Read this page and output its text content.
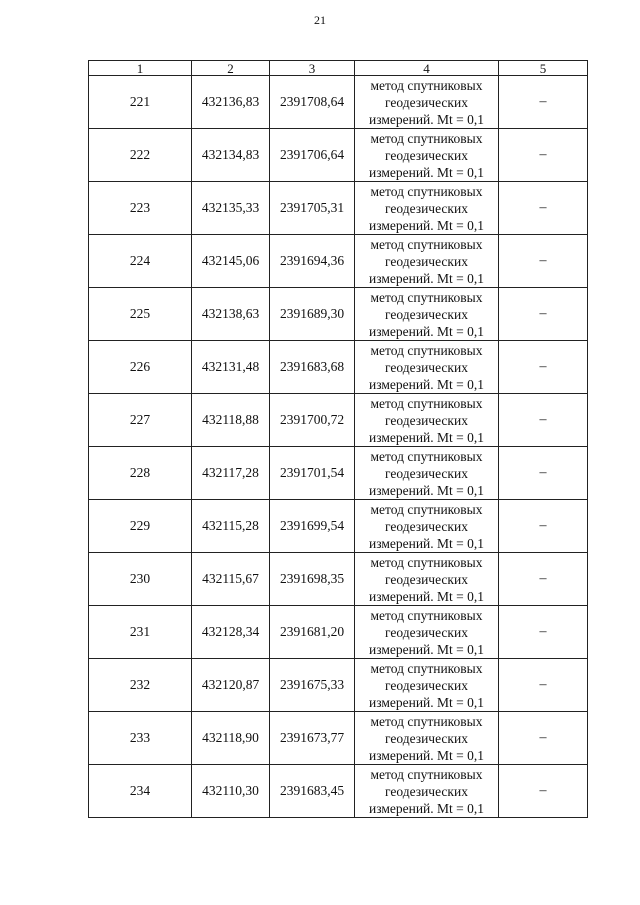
21
1	2	3	4	5
221	432136,83	2391708,64	метод спутниковых
геодезических
измерений. Mt = 0,1	–
222	432134,83	2391706,64	метод спутниковых
геодезических
измерений. Mt = 0,1	–
223	432135,33	2391705,31	метод спутниковых
геодезических
измерений. Mt = 0,1	–
224	432145,06	2391694,36	метод спутниковых
геодезических
измерений. Mt = 0,1	–
225	432138,63	2391689,30	метод спутниковых
геодезических
измерений. Mt = 0,1	–
226	432131,48	2391683,68	метод спутниковых
геодезических
измерений. Mt = 0,1	–
227	432118,88	2391700,72	метод спутниковых
геодезических
измерений. Mt = 0,1	–
228	432117,28	2391701,54	метод спутниковых
геодезических
измерений. Mt = 0,1	–
229	432115,28	2391699,54	метод спутниковых
геодезических
измерений. Mt = 0,1	–
230	432115,67	2391698,35	метод спутниковых
геодезических
измерений. Mt = 0,1	–
231	432128,34	2391681,20	метод спутниковых
геодезических
измерений. Mt = 0,1	–
232	432120,87	2391675,33	метод спутниковых
геодезических
измерений. Mt = 0,1	–
233	432118,90	2391673,77	метод спутниковых
геодезических
измерений. Mt = 0,1	–
234	432110,30	2391683,45	метод спутниковых
геодезических
измерений. Mt = 0,1	–
